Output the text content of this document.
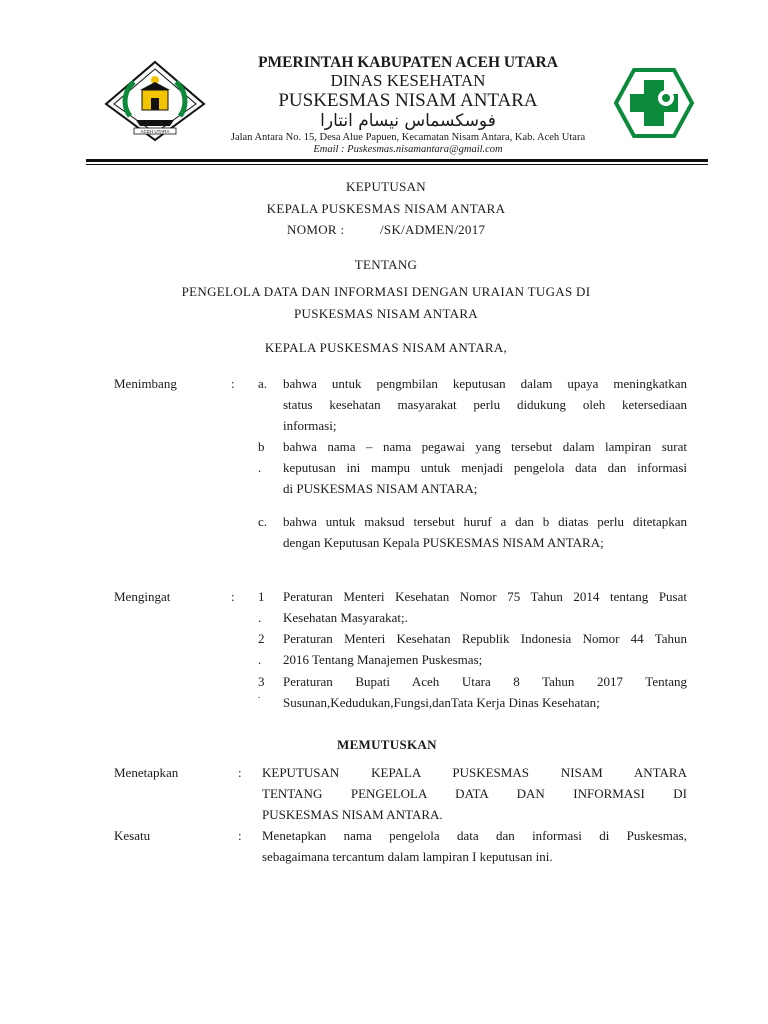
ACEH UTARA
PMERINTAH KABUPATEN ACEH UTARA
DINAS KESEHATAN
PUSKESMAS NISAM ANTARA
فوسكسماس نيسام انتارا
Jalan Antara No. 15, Desa Alue Papuen, Kecamatan Nisam Antara, Kab. Aceh Utara
Email : Puskesmas.nisamantara@gmail.com
KEPUTUSAN
KEPALA PUSKESMAS NISAM ANTARA
NOMOR :	/SK/ADMEN/2017
TENTANG
PENGELOLA DATA DAN INFORMASI DENGAN URAIAN TUGAS DI
PUSKESMAS NISAM ANTARA
KEPALA PUSKESMAS NISAM ANTARA,
Menimbang	: a. bahwa untuk pengmbilan keputusan dalam upaya meningkatkan
status kesehatan masyarakat perlu didukung oleh ketersediaan
informasi;
b
.
bahwa nama – nama pegawai yang tersebut dalam lampiran surat
keputusan ini mampu untuk menjadi pengelola data dan informasi
di PUSKESMAS NISAM ANTARA;
c. bahwa untuk maksud tersebut huruf a dan b diatas perlu ditetapkan
dengan Keputusan Kepala PUSKESMAS NISAM ANTARA;
Mengingat	: 1
.
Peraturan Menteri Kesehatan Nomor 75 Tahun 2014 tentang Pusat
Kesehatan Masyarakat;.
2
.
Peraturan Menteri Kesehatan Republik Indonesia Nomor 44 Tahun
2016 Tentang Manajemen Puskesmas;
3
.
Peraturan Bupati Aceh Utara 8 Tahun 2017 Tentang
Susunan,Kedudukan,Fungsi,danTata Kerja Dinas Kesehatan;
MEMUTUSKAN
Menetapkan	: KEPUTUSAN KEPALA PUSKESMAS NISAM ANTARA
TENTANG PENGELOLA DATA DAN INFORMASI DI
PUSKESMAS NISAM ANTARA.
Kesatu	: Menetapkan nama pengelola data dan informasi di Puskesmas,
sebagaimana tercantum dalam lampiran I keputusan ini.
